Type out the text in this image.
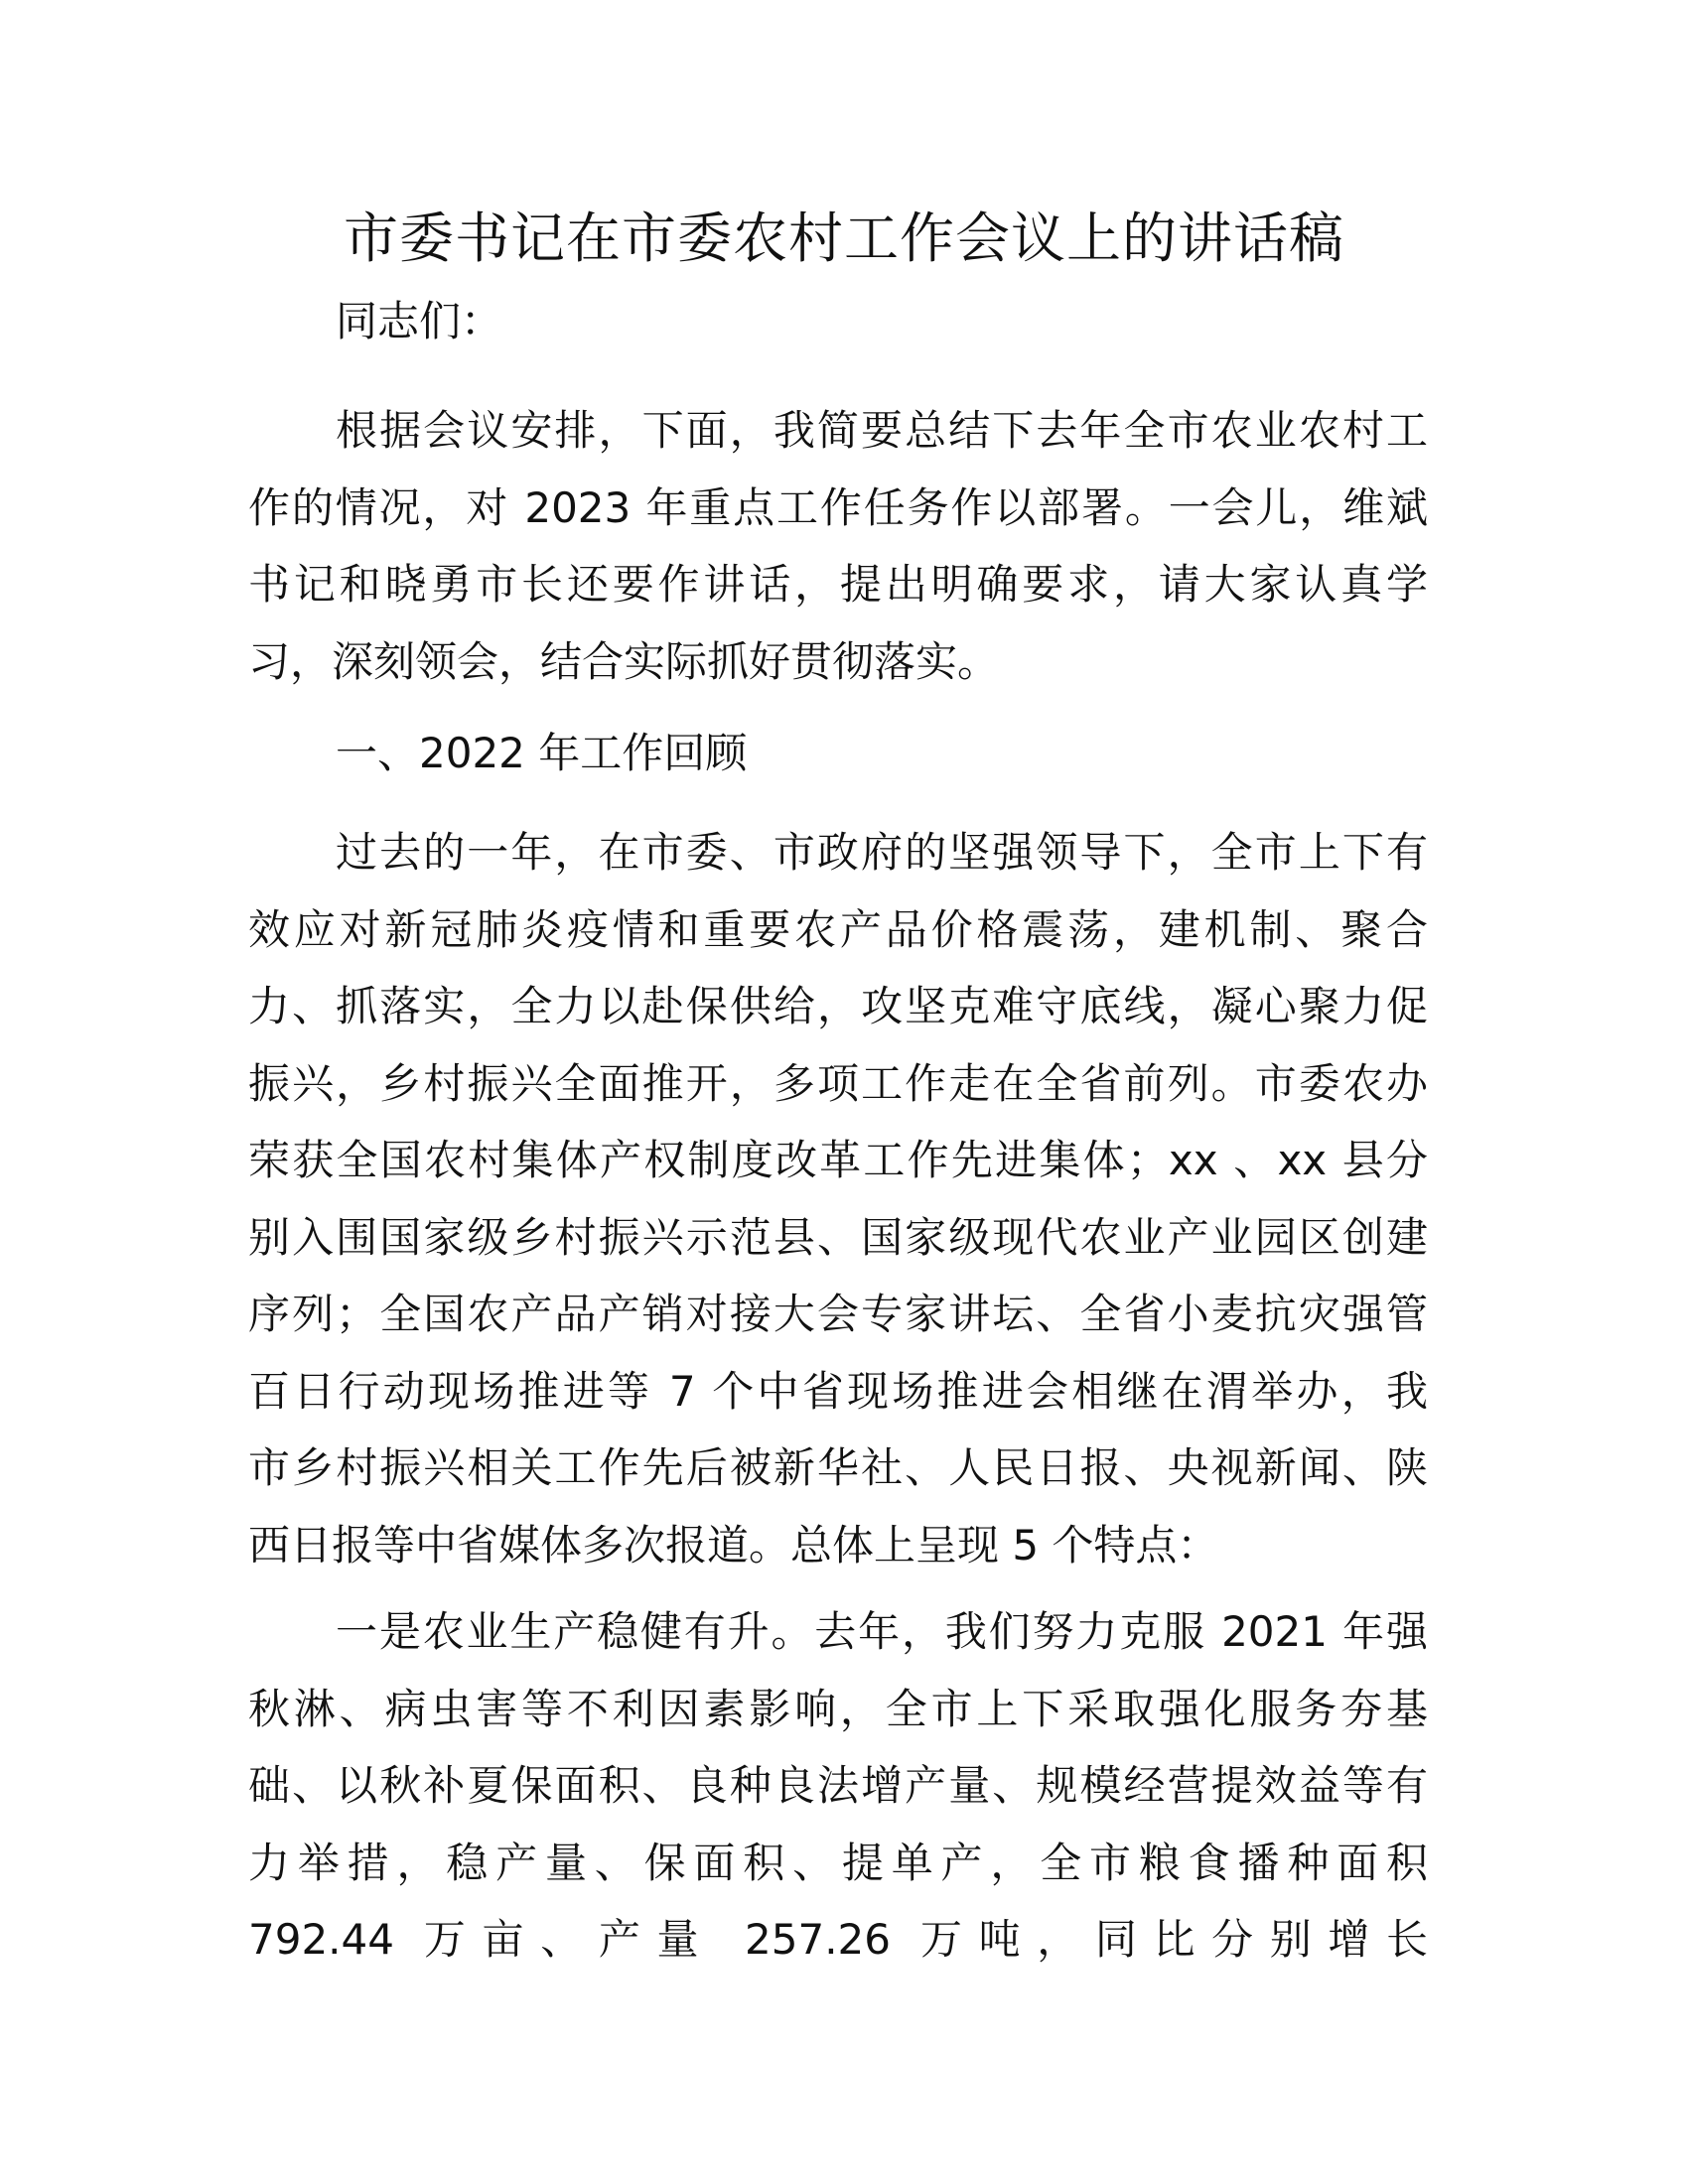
市委书记在市委农村工作会议上的讲话稿
同志们：
根据会议安排，下面，我简要总结下去年全市农业农村工
作的情况，对 2023 年重点工作任务作以部署。一会儿，维斌
书记和晓勇市长还要作讲话，提出明确要求，请大家认真学
习，深刻领会，结合实际抓好贯彻落实。
一、2022 年工作回顾
过去的一年，在市委、市政府的坚强领导下，全市上下有
效应对新冠肺炎疫情和重要农产品价格震荡，建机制、聚合
力、抓落实，全力以赴保供给，攻坚克难守底线，凝心聚力促
振兴，乡村振兴全面推开，多项工作走在全省前列。市委农办
荣获全国农村集体产权制度改革工作先进集体；xx 、xx 县分
别入围国家级乡村振兴示范县、国家级现代农业产业园区创建
序列；全国农产品产销对接大会专家讲坛、全省小麦抗灾强管
百日行动现场推进等 7 个中省现场推进会相继在渭举办，我
市乡村振兴相关工作先后被新华社、人民日报、央视新闻、陕
西日报等中省媒体多次报道。总体上呈现 5 个特点：
一是农业生产稳健有升。去年，我们努力克服 2021 年强
秋淋、病虫害等不利因素影响，全市上下采取强化服务夯基
础、以秋补夏保面积、良种良法增产量、规模经营提效益等有
力举措，稳产量、保面积、提单产，全市粮食播种面积
792.44 万亩、产量 257.26 万吨，同比分别增长
